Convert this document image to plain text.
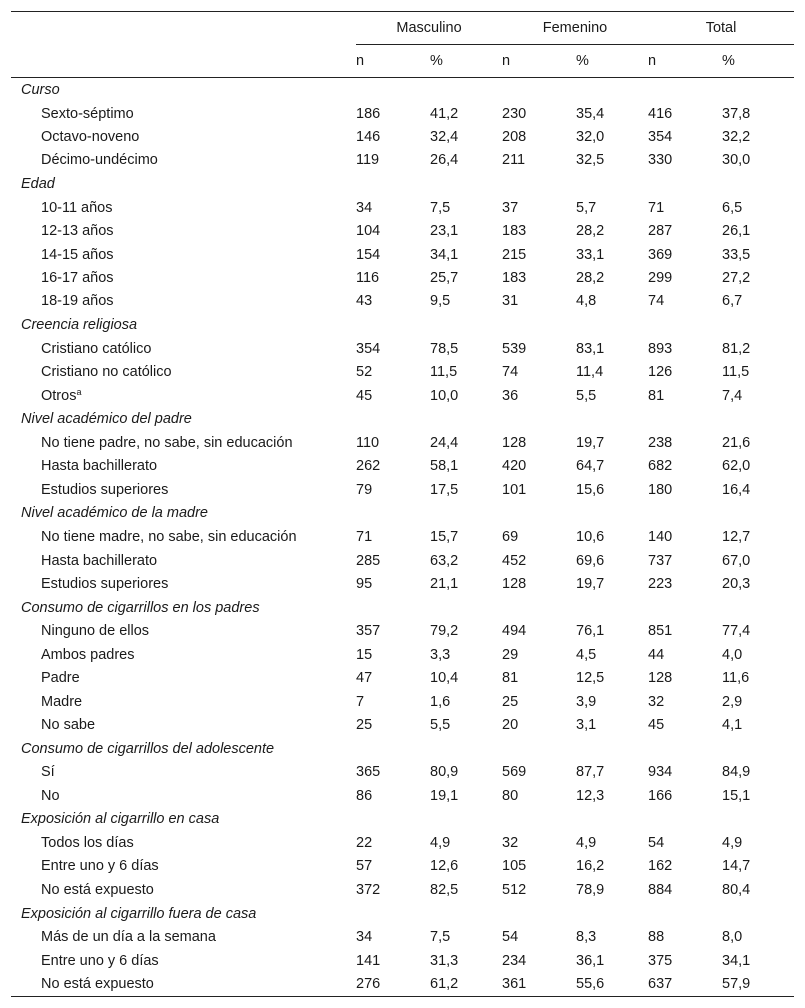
	Masculino		Femenino		Total	

	n	%	n	%	n	%
Curso						
Sexto-séptimo	186	41,2	230	35,4	416	37,8
Octavo-noveno	146	32,4	208	32,0	354	32,2
Décimo-undécimo	119	26,4	211	32,5	330	30,0
Edad						
10-11 años	34	7,5	37	5,7	71	6,5
12-13 años	104	23,1	183	28,2	287	26,1
14-15 años	154	34,1	215	33,1	369	33,5
16-17 años	116	25,7	183	28,2	299	27,2
18-19 años	43	9,5	31	4,8	74	6,7
Creencia religiosa						
Cristiano católico	354	78,5	539	83,1	893	81,2
Cristiano no católico	52	11,5	74	11,4	126	11,5
Otros$^a$	45	10,0	36	5,5	81	7,4
Nivel académico del padre						
No tiene padre, no sabe, sin educación	110	24,4	128	19,7	238	21,6
Hasta bachillerato	262	58,1	420	64,7	682	62,0
Estudios superiores	79	17,5	101	15,6	180	16,4
Nivel académico de la madre						
No tiene madre, no sabe, sin educación	71	15,7	69	10,6	140	12,7
Hasta bachillerato	285	63,2	452	69,6	737	67,0
Estudios superiores	95	21,1	128	19,7	223	20,3
Consumo de cigarrillos en los padres						
Ninguno de ellos	357	79,2	494	76,1	851	77,4
Ambos padres	15	3,3	29	4,5	44	4,0
Padre	47	10,4	81	12,5	128	11,6
Madre	7	1,6	25	3,9	32	2,9
No sabe	25	5,5	20	3,1	45	4,1
Consumo de cigarrillos del adolescente						
Sí	365	80,9	569	87,7	934	84,9
No	86	19,1	80	12,3	166	15,1
Exposición al cigarrillo en casa						
Todos los días	22	4,9	32	4,9	54	4,9
Entre uno y 6 días	57	12,6	105	16,2	162	14,7
No está expuesto	372	82,5	512	78,9	884	80,4
Exposición al cigarrillo fuera de casa						
Más de un día a la semana	34	7,5	54	8,3	88	8,0
Entre uno y 6 días	141	31,3	234	36,1	375	34,1
No está expuesto	276	61,2	361	55,6	637	57,9
